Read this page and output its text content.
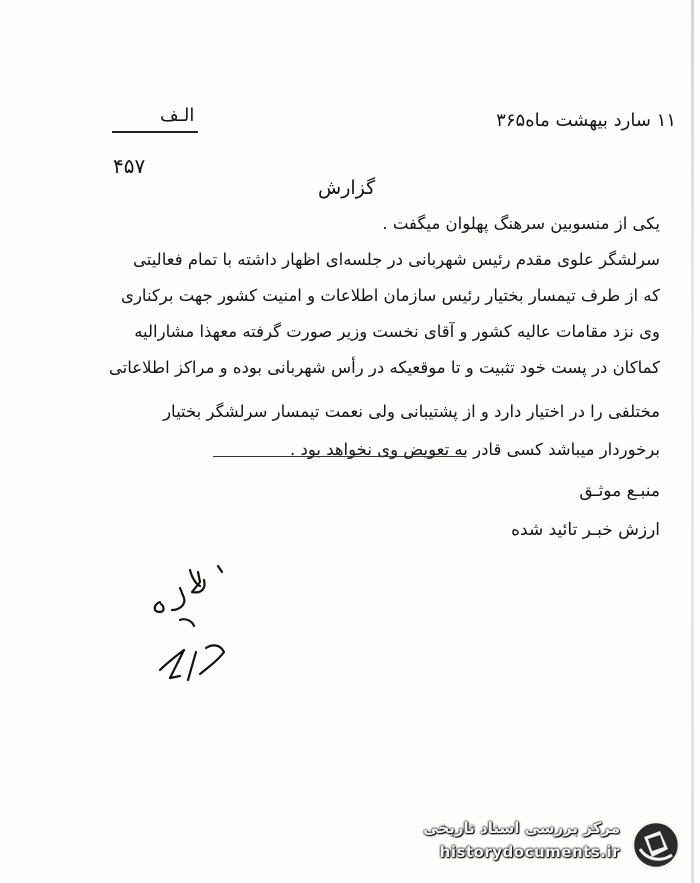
۱۱ سارد بیهشت ماه۳۶۵
الـف
۴۵۷
گزارش
یکی از منسوبین سرهنگ پهلوان میگفت .
سرلشگر علوی مقدم رئیس شهربانی در جلسه‌ای اظهار داشته با تمام فعالیتی
که از طرف تیمسار بختیار رئیس سازمان اطلاعات و امنیت کشور جهت برکناری
وی نزد مقامات عالیه کشور و آقای نخست وزیر صورت گرفته معهذا مشارالیه
کماکان در پست خود تثبیت و تا موقعیکه در رأس شهربانی بوده و مراکز اطلاعاتی
مختلفی را در اختیار دارد و از پشتیبانی ولی نعمت تیمسار سرلشگر بختیار
برخوردار میباشد کسی قادر به تعویض وی نخواهد بود .
منبـع موثـق
ارزش خبـر تائید شده
مرکز بررسی اسناد تاریخی
historydocuments.ir
